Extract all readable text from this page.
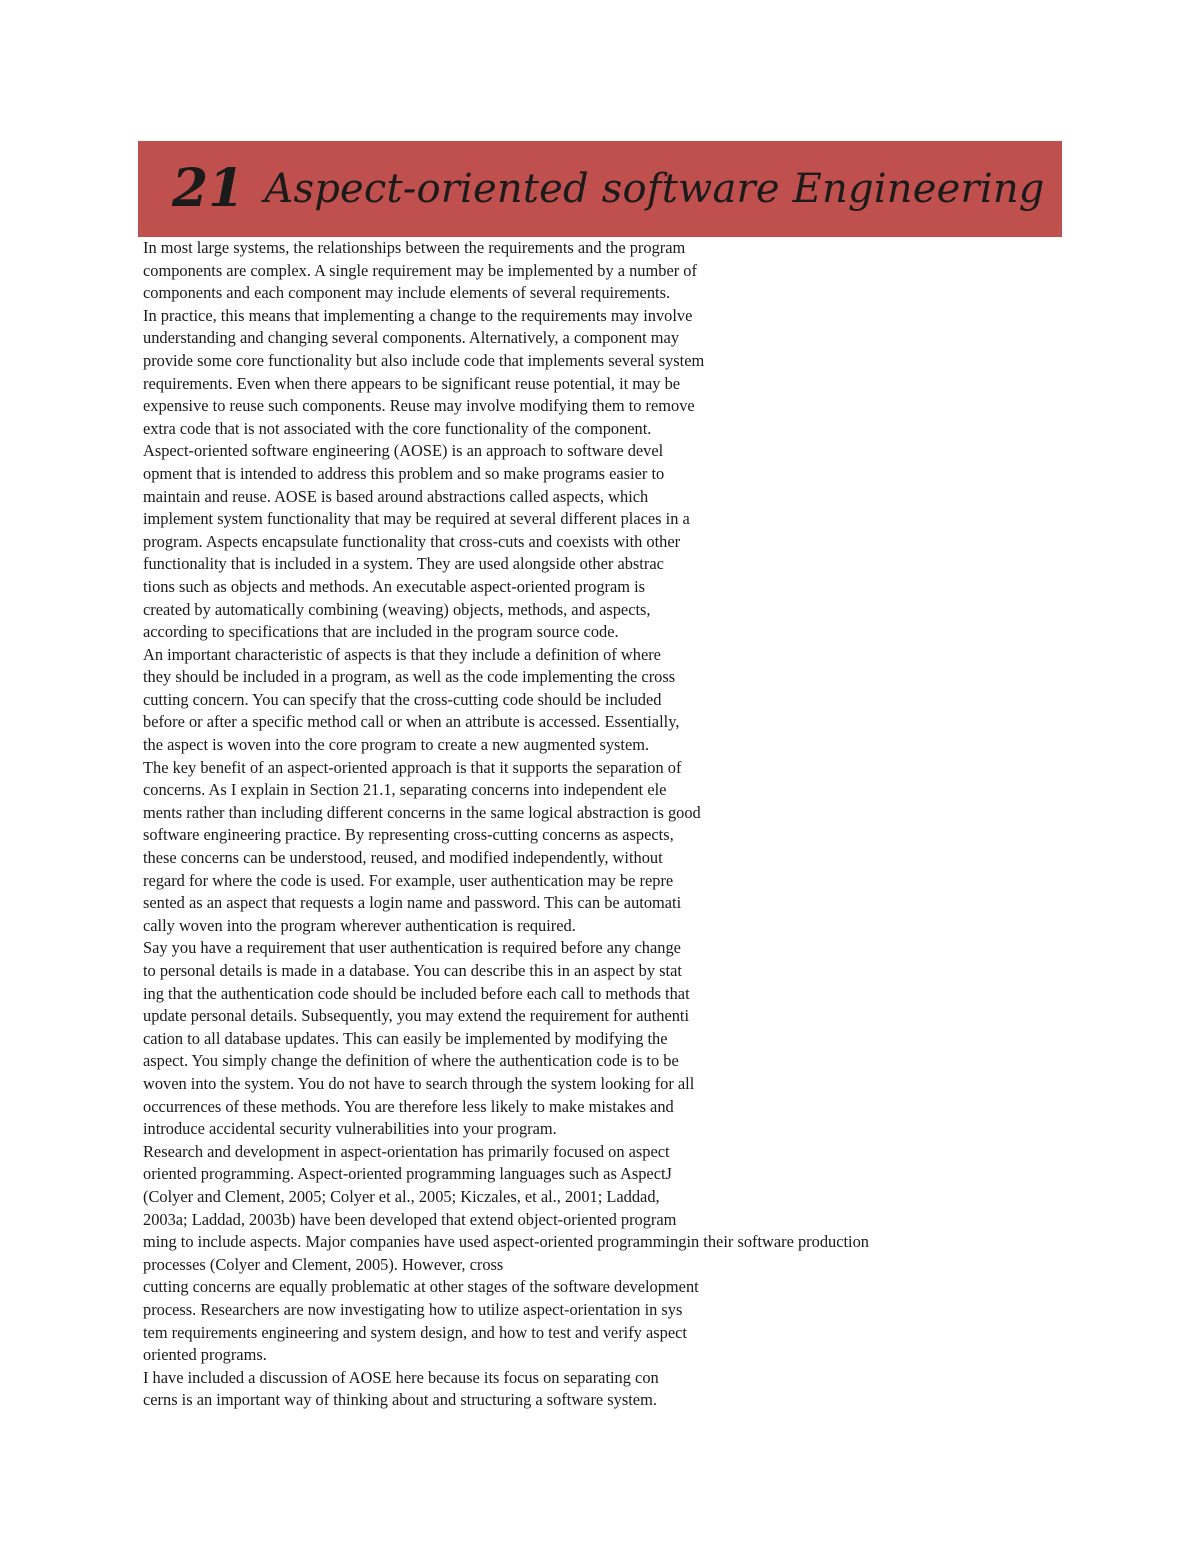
21 Aspect-oriented software Engineering
In most large systems, the relationships between the requirements and the program
components are complex. A single requirement may be implemented by a number of
components and each component may include elements of several requirements.
In practice, this means that implementing a change to the requirements may involve
understanding and changing several components. Alternatively, a component may
provide some core functionality but also include code that implements several system
requirements. Even when there appears to be significant reuse potential, it may be
expensive to reuse such components. Reuse may involve modifying them to remove
extra code that is not associated with the core functionality of the component.
Aspect-oriented software engineering (AOSE) is an approach to software devel
opment that is intended to address this problem and so make programs easier to
maintain and reuse. AOSE is based around abstractions called aspects, which
implement system functionality that may be required at several different places in a
program. Aspects encapsulate functionality that cross-cuts and coexists with other
functionality that is included in a system. They are used alongside other abstrac
tions such as objects and methods. An executable aspect-oriented program is
created by automatically combining (weaving) objects, methods, and aspects,
according to specifications that are included in the program source code.
An important characteristic of aspects is that they include a definition of where
they should be included in a program, as well as the code implementing the cross
cutting concern. You can specify that the cross-cutting code should be included
before or after a specific method call or when an attribute is accessed. Essentially,
the aspect is woven into the core program to create a new augmented system.
The key benefit of an aspect-oriented approach is that it supports the separation of
concerns. As I explain in Section 21.1, separating concerns into independent ele
ments rather than including different concerns in the same logical abstraction is good
software engineering practice. By representing cross-cutting concerns as aspects,
these concerns can be understood, reused, and modified independently, without
regard for where the code is used. For example, user authentication may be repre
sented as an aspect that requests a login name and password. This can be automati
cally woven into the program wherever authentication is required.
Say you have a requirement that user authentication is required before any change
to personal details is made in a database. You can describe this in an aspect by stat
ing that the authentication code should be included before each call to methods that
update personal details. Subsequently, you may extend the requirement for authenti
cation to all database updates. This can easily be implemented by modifying the
aspect. You simply change the definition of where the authentication code is to be
woven into the system. You do not have to search through the system looking for all
occurrences of these methods. You are therefore less likely to make mistakes and
introduce accidental security vulnerabilities into your program.
Research and development in aspect-orientation has primarily focused on aspect
oriented programming. Aspect-oriented programming languages such as AspectJ
(Colyer and Clement, 2005; Colyer et al., 2005; Kiczales, et al., 2001; Laddad,
2003a; Laddad, 2003b) have been developed that extend object-oriented program
ming to include aspects. Major companies have used aspect-oriented programmingin their software production
processes (Colyer and Clement, 2005). However, cross
cutting concerns are equally problematic at other stages of the software development
process. Researchers are now investigating how to utilize aspect-orientation in sys
tem requirements engineering and system design, and how to test and verify aspect
oriented programs.
I have included a discussion of AOSE here because its focus on separating con
cerns is an important way of thinking about and structuring a software system.
